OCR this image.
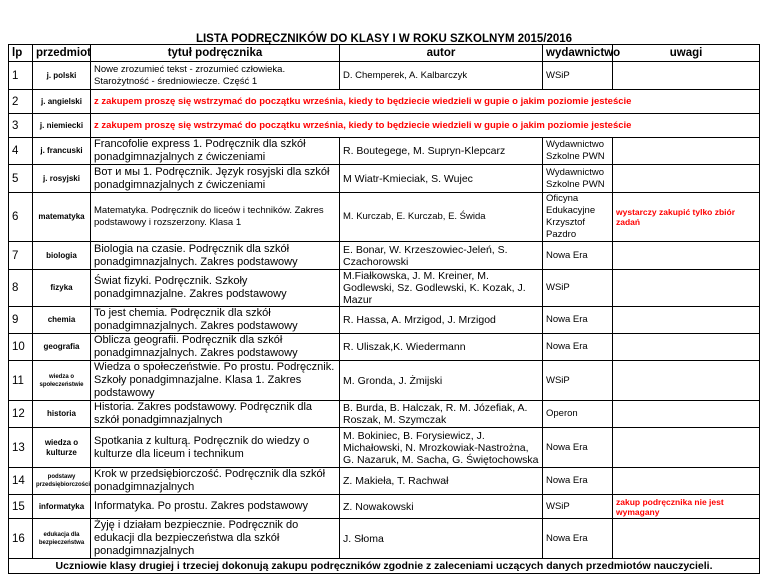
LISTA PODRĘCZNIKÓW DO KLASY I W ROKU SZKOLNYM 2015/2016					
lp	przedmiot	tytuł podręcznika	autor	wydawnictwo	uwagi
1	j. polski	Nowe zrozumieć tekst - zrozumieć człowieka. Starożytność - średniowiecze. Część 1	D. Chemperek, A. Kalbarczyk	WSiP	
2	j. angielski	z zakupem proszę się wstrzymać do początku września, kiedy to będziecie wiedzieli w gupie o jakim poziomie jesteście			
3	j. niemiecki	z zakupem proszę się wstrzymać do początku września, kiedy to będziecie wiedzieli w gupie o jakim poziomie jesteście			
4	j. francuski	Francofolie express 1. Podręcznik dla szkół ponadgimnazjalnych z ćwiczeniami	R. Boutegege, M. Supryn-Klepcarz	Wydawnictwo Szkolne PWN	
5	j. rosyjski	Вот и мы 1. Podręcznik. Język rosyjski dla szkół ponadgimnazjalnych z ćwiczeniami	M Wiatr-Kmieciak, S. Wujec	Wydawnictwo Szkolne PWN	
6	matematyka	Matematyka. Podręcznik do liceów i techników. Zakres podstawowy i rozszerzony. Klasa 1	M. Kurczab, E. Kurczab, E. Świda	Oficyna Edukacyjne Krzysztof Pazdro	wystarczy zakupić tylko zbiór zadań
7	biologia	Biologia na czasie. Podręcznik dla szkół ponadgimnazjalnych. Zakres podstawowy	E. Bonar, W. Krzeszowiec-Jeleń, S. Czachorowski	Nowa Era	
8	fizyka	Świat fizyki. Podręcznik. Szkoły ponadgimnazjalne. Zakres podstawowy	M.Fiałkowska, J. M. Kreiner, M. Godlewski, Sz. Godlewski, K. Kozak, J. Mazur	WSiP	
9	chemia	To jest chemia. Podręcznik dla szkół ponadgimnazjalnych. Zakres podstawowy	R. Hassa, A. Mrzigod, J. Mrzigod	Nowa Era	
10	geografia	Oblicza geografii. Podręcznik dla szkół ponadgimnazjalnych. Zakres podstawowy	R. Uliszak,K. Wiedermann	Nowa Era	
11	wiedza o społeczeństwie	Wiedza o społeczeństwie. Po prostu. Podręcznik. Szkoły ponadgimnazjalne. Klasa 1. Zakres podstawowy	M. Gronda, J. Żmijski	WSiP	
12	historia	Historia. Zakres podstawowy. Podręcznik dla szkół ponadgimnazjalnych	B. Burda, B. Halczak, R. M. Józefiak, A. Roszak, M. Szymczak	Operon	
13	wiedza o kulturze	Spotkania z kulturą. Podręcznik do wiedzy o kulturze dla liceum i technikum	M. Bokiniec, B. Forysiewicz, J. Michałowski, N. Mrozkowiak-Nastrożna, G. Nazaruk, M. Sacha, G. Świętochowska	Nowa Era	
14	podstawy przedsiębiorczości	Krok w przedsiębiorczość. Podręcznik dla szkół ponadgimnazjalnych	Z. Makieła, T. Rachwał	Nowa Era	
15	informatyka	Informatyka. Po prostu. Zakres podstawowy	Z. Nowakowski	WSiP	zakup podręcznika nie jest wymagany
16	edukacja dla bezpieczeństwa	Żyję i działam bezpiecznie. Podręcznik do edukacji dla bezpieczeństwa dla szkół ponadgimnazjalnych	J. Słoma	Nowa Era	
Uczniowie klasy drugiej i trzeciej dokonują zakupu podręczników zgodnie z zaleceniami uczących danych przedmiotów nauczycieli.					
